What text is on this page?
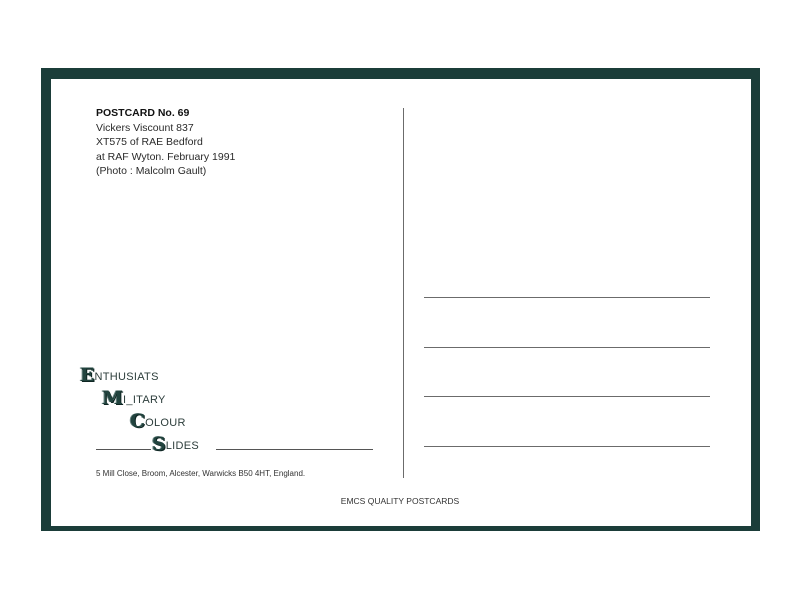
POSTCARD No. 69
Vickers Viscount 837
XT575 of RAE Bedford
at RAF Wyton. February 1991
(Photo : Malcolm Gault)
E NTHUSIATS
M I_ITARY
C OLOUR
S LIDES
5 Mill Close, Broom, Alcester, Warwicks B50 4HT, England.
EMCS QUALITY POSTCARDS
